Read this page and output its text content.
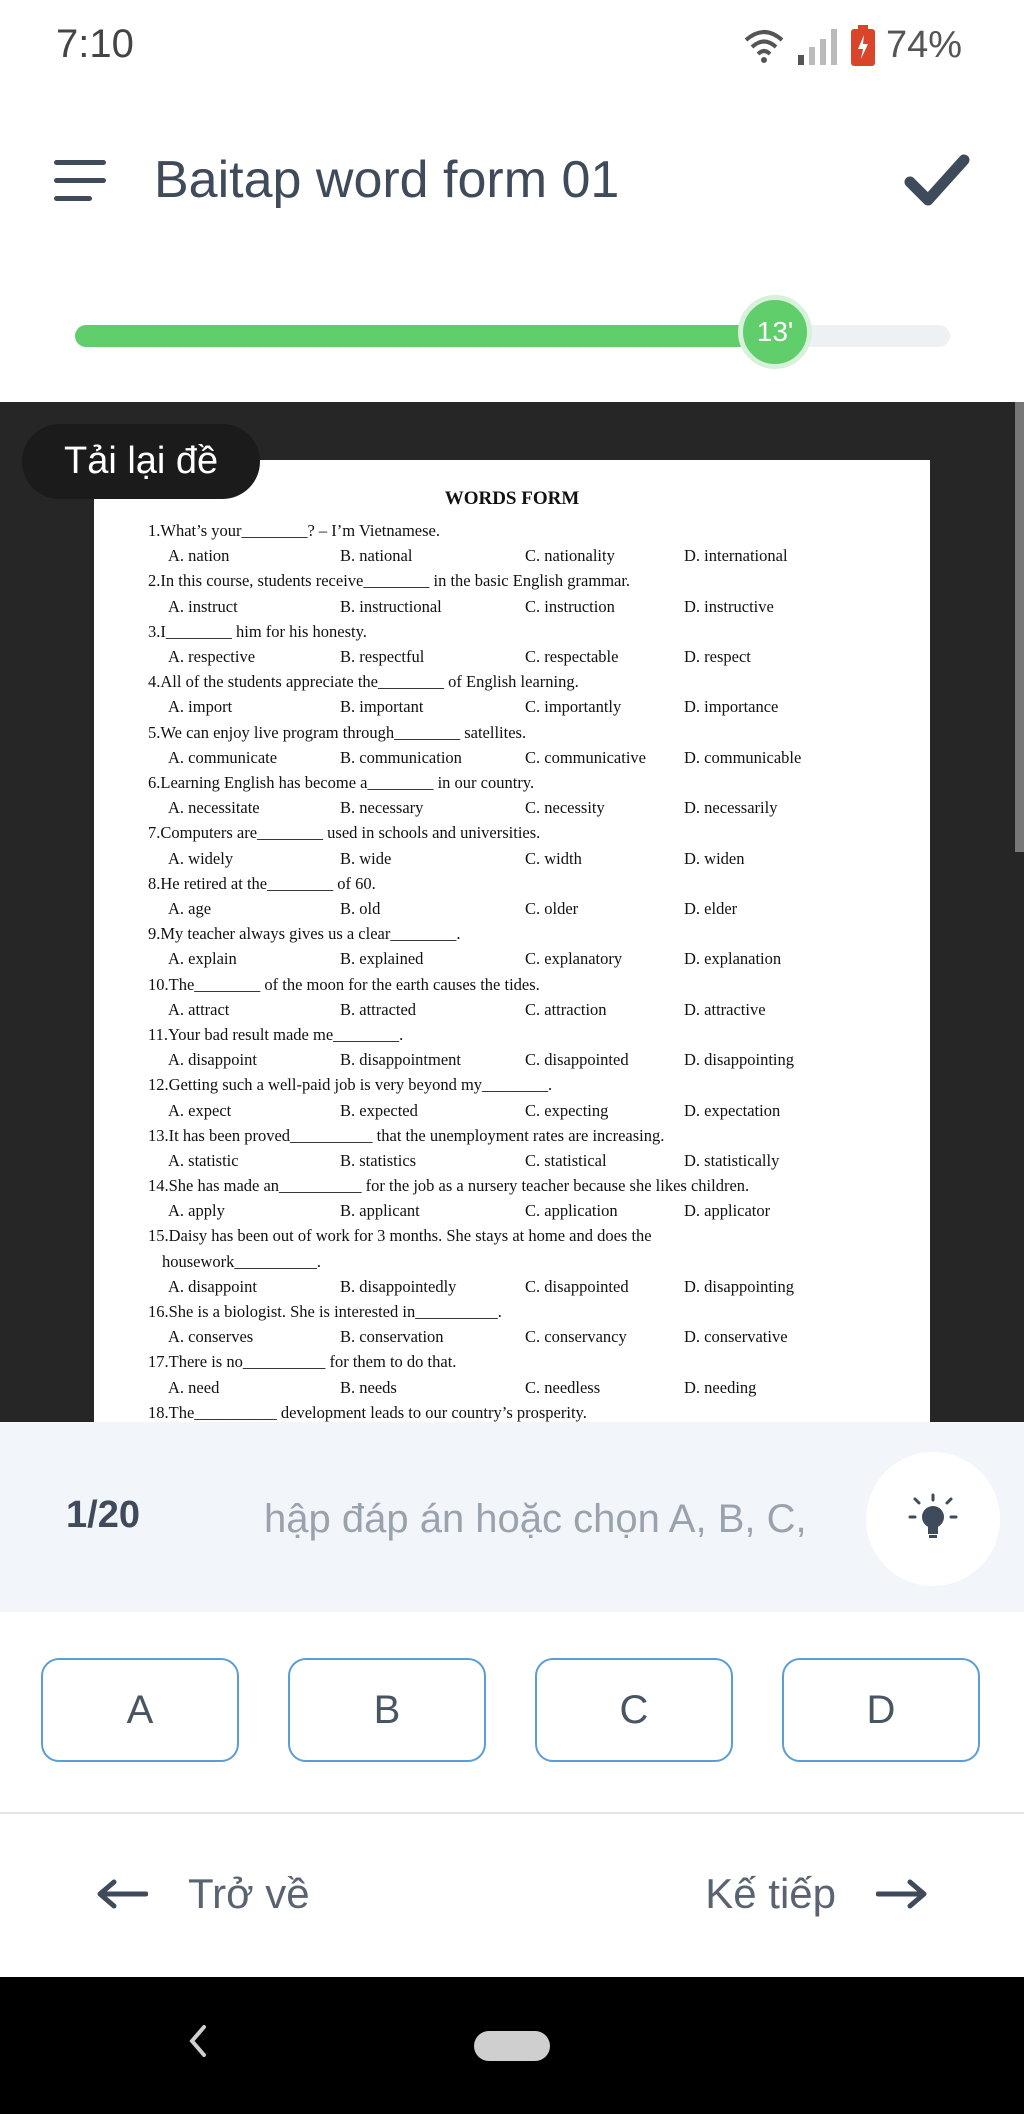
7:10	74%
Baitap word form 01
13'
Tải lại đề
WORDS FORM
1.What’s your________? – I’m Vietnamese.
A. nation	B. national	C. nationality	D. international
2.In this course, students receive________ in the basic English grammar.
A. instruct	B. instructional	C. instruction	D. instructive
3.I________ him for his honesty.
A. respective	B. respectful	C. respectable	D. respect
4.All of the students appreciate the________ of English learning.
A. import	B. important	C. importantly	D. importance
5.We can enjoy live program through________ satellites.
A. communicate	B. communication	C. communicative D. communicable
6.Learning English has become a________ in our country.
A. necessitate	B. necessary	C. necessity	D. necessarily
7.Computers are________ used in schools and universities.
A. widely	B. wide	C. width	D. widen
8.He retired at the________ of 60.
A. age	B. old	C. older	D. elder
9.My teacher always gives us a clear________.
A. explain	B. explained	C. explanatory	D. explanation
10.The________ of the moon for the earth causes the tides.
A. attract	B. attracted	C. attraction	D. attractive
11.Your bad result made me________.
A. disappoint	B. disappointment	C. disappointed	D. disappointing
12.Getting such a well-paid job is very beyond my________.
A. expect	B. expected	C. expecting	D. expectation
13.It has been proved__________ that the unemployment rates are increasing.
A. statistic	B. statistics	C. statistical	D. statistically
14.She has made an__________ for the job as a nursery teacher because she likes children.
A. apply	B. applicant	C. application	D. applicator
15.Daisy has been out of work for 3 months. She stays at home and does the
housework__________.
A. disappoint	B. disappointedly	C. disappointed	D. disappointing
16.She is a biologist. She is interested in__________.
A. conserves	B. conservation	C. conservancy	D. conservative
17.There is no__________ for them to do that.
A. need	B. needs	C. needless	D. needing
18.The__________ development leads to our country’s prosperity.
1/20
hập đáp án hoặc chọn A, B, C,
A	B	C	D
Trở về	Kế tiếp
